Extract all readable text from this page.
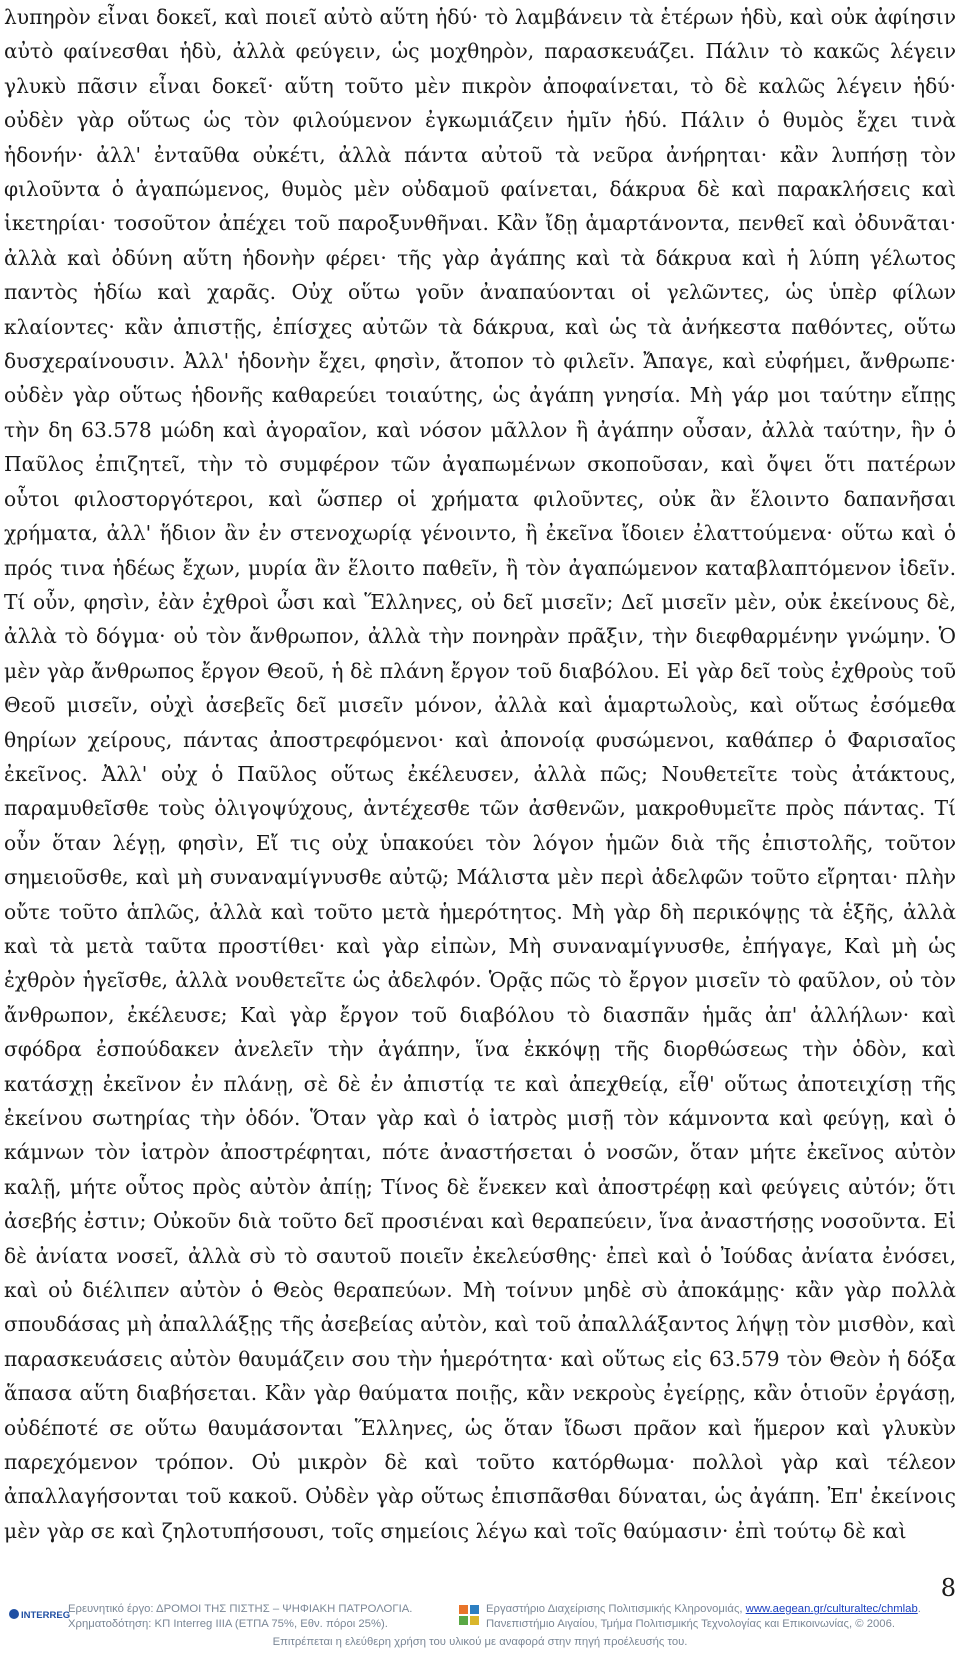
λυπηρὸν εἶναι δοκεῖ, καὶ ποιεῖ αὐτὸ αὕτη ἡδύ· τὸ λαμβάνειν τὰ ἑτέρων ἡδὺ, καὶ οὐκ ἀφίησιν αὐτὸ φαίνεσθαι ἡδὺ, ἀλλὰ φεύγειν, ὡς μοχθηρὸν, παρασκευάζει. Πάλιν τὸ κακῶς λέγειν γλυκὺ πᾶσιν εἶναι δοκεῖ· αὕτη τοῦτο μὲν πικρὸν ἀποφαίνεται, τὸ δὲ καλῶς λέγειν ἡδύ· οὐδὲν γὰρ οὕτως ὡς τὸν φιλούμενον ἐγκωμιάζειν ἡμῖν ἡδύ. Πάλιν ὁ θυμὸς ἔχει τινὰ ἡδονήν· ἀλλ' ἐνταῦθα οὐκέτι, ἀλλὰ πάντα αὐτοῦ τὰ νεῦρα ἀνήρηται· κἂν λυπήσῃ τὸν φιλοῦντα ὁ ἀγαπώμενος, θυμὸς μὲν οὐδαμοῦ φαίνεται, δάκρυα δὲ καὶ παρακλήσεις καὶ ἱκετηρίαι· τοσοῦτον ἀπέχει τοῦ παροξυνθῆναι. Κἂν ἴδῃ ἁμαρτάνοντα, πενθεῖ καὶ ὀδυνᾶται· ἀλλὰ καὶ ὀδύνη αὕτη ἡδονὴν φέρει· τῆς γὰρ ἀγάπης καὶ τὰ δάκρυα καὶ ἡ λύπη γέλωτος παντὸς ἡδίω καὶ χαρᾶς. Οὐχ οὕτω γοῦν ἀναπαύονται οἱ γελῶντες, ὡς ὑπὲρ φίλων κλαίοντες· κἂν ἀπιστῇς, ἐπίσχες αὐτῶν τὰ δάκρυα, καὶ ὡς τὰ ἀνήκεστα παθόντες, οὕτω δυσχεραίνουσιν. Ἀλλ' ἡδονὴν ἔχει, φησὶν, ἄτοπον τὸ φιλεῖν. Ἄπαγε, καὶ εὐφήμει, ἄνθρωπε· οὐδὲν γὰρ οὕτως ἡδονῆς καθαρεύει τοιαύτης, ὡς ἀγάπη γνησία. Μὴ γάρ μοι ταύτην εἴπῃς τὴν δη 63.578 μώδη καὶ ἀγοραῖον, καὶ νόσον μᾶλλον ἢ ἀγάπην οὖσαν, ἀλλὰ ταύτην, ἣν ὁ Παῦλος ἐπιζητεῖ, τὴν τὸ συμφέρον τῶν ἀγαπωμένων σκοποῦσαν, καὶ ὄψει ὅτι πατέρων οὗτοι φιλοστοργότεροι, καὶ ὥσπερ οἱ χρήματα φιλοῦντες, οὐκ ἂν ἕλοιντο δαπανῆσαι χρήματα, ἀλλ' ἥδιον ἂν ἐν στενοχωρίᾳ γένοιντο, ἢ ἐκεῖνα ἴδοιεν ἐλαττούμενα· οὕτω καὶ ὁ πρός τινα ἡδέως ἔχων, μυρία ἂν ἕλοιτο παθεῖν, ἢ τὸν ἀγαπώμενον καταβλαπτόμενον ἰδεῖν. Τί οὖν, φησὶν, ἐὰν ἐχθροὶ ὦσι καὶ Ἕλληνες, οὐ δεῖ μισεῖν; Δεῖ μισεῖν μὲν, οὐκ ἐκείνους δὲ, ἀλλὰ τὸ δόγμα· οὐ τὸν ἄνθρωπον, ἀλλὰ τὴν πονηρὰν πρᾶξιν, τὴν διεφθαρμένην γνώμην. Ὁ μὲν γὰρ ἄνθρωπος ἔργον Θεοῦ, ἡ δὲ πλάνη ἔργον τοῦ διαβόλου. Εἰ γὰρ δεῖ τοὺς ἐχθροὺς τοῦ Θεοῦ μισεῖν, οὐχὶ ἀσεβεῖς δεῖ μισεῖν μόνον, ἀλλὰ καὶ ἁμαρτωλοὺς, καὶ οὕτως ἐσόμεθα θηρίων χείρους, πάντας ἀποστρεφόμενοι· καὶ ἀπονοίᾳ φυσώμενοι, καθάπερ ὁ Φαρισαῖος ἐκεῖνος. Ἀλλ' οὐχ ὁ Παῦλος οὕτως ἐκέλευσεν, ἀλλὰ πῶς; Νουθετεῖτε τοὺς ἀτάκτους, παραμυθεῖσθε τοὺς ὀλιγοψύχους, ἀντέχεσθε τῶν ἀσθενῶν, μακροθυμεῖτε πρὸς πάντας. Τί οὖν ὅταν λέγῃ, φησὶν, Εἴ τις οὐχ ὑπακούει τὸν λόγον ἡμῶν διὰ τῆς ἐπιστολῆς, τοῦτον σημειοῦσθε, καὶ μὴ συναναμίγνυσθε αὐτῷ; Μάλιστα μὲν περὶ ἀδελφῶν τοῦτο εἴρηται· πλὴν οὔτε τοῦτο ἁπλῶς, ἀλλὰ καὶ τοῦτο μετὰ ἡμερότητος. Μὴ γὰρ δὴ περικόψῃς τὰ ἑξῆς, ἀλλὰ καὶ τὰ μετὰ ταῦτα προστίθει· καὶ γὰρ εἰπὼν, Μὴ συναναμίγνυσθε, ἐπήγαγε, Καὶ μὴ ὡς ἐχθρὸν ἡγεῖσθε, ἀλλὰ νουθετεῖτε ὡς ἀδελφόν. Ὁρᾷς πῶς τὸ ἔργον μισεῖν τὸ φαῦλον, οὐ τὸν ἄνθρωπον, ἐκέλευσε; Καὶ γὰρ ἔργον τοῦ διαβόλου τὸ διασπᾶν ἡμᾶς ἀπ' ἀλλήλων· καὶ σφόδρα ἐσπούδακεν ἀνελεῖν τὴν ἀγάπην, ἵνα ἐκκόψῃ τῆς διορθώσεως τὴν ὁδὸν, καὶ κατάσχῃ ἐκεῖνον ἐν πλάνῃ, σὲ δὲ ἐν ἀπιστίᾳ τε καὶ ἀπεχθείᾳ, εἶθ' οὕτως ἀποτειχίσῃ τῆς ἐκείνου σωτηρίας τὴν ὁδόν. Ὅταν γὰρ καὶ ὁ ἰατρὸς μισῇ τὸν κάμνοντα καὶ φεύγῃ, καὶ ὁ κάμνων τὸν ἰατρὸν ἀποστρέφηται, πότε ἀναστήσεται ὁ νοσῶν, ὅταν μήτε ἐκεῖνος αὐτὸν καλῇ, μήτε οὗτος πρὸς αὐτὸν ἀπίῃ; Τίνος δὲ ἕνεκεν καὶ ἀποστρέφῃ καὶ φεύγεις αὐτόν; ὅτι ἀσεβής ἐστιν; Οὐκοῦν διὰ τοῦτο δεῖ προσιέναι καὶ θεραπεύειν, ἵνα ἀναστήσῃς νοσοῦντα. Εἰ δὲ ἀνίατα νοσεῖ, ἀλλὰ σὺ τὸ σαυτοῦ ποιεῖν ἐκελεύσθης· ἐπεὶ καὶ ὁ Ἰούδας ἀνίατα ἐνόσει, καὶ οὐ διέλιπεν αὐτὸν ὁ Θεὸς θεραπεύων. Μὴ τοίνυν μηδὲ σὺ ἀποκάμῃς· κἂν γὰρ πολλὰ σπουδάσας μὴ ἀπαλλάξῃς τῆς ἀσεβείας αὐτὸν, καὶ τοῦ ἀπαλλάξαντος λήψῃ τὸν μισθὸν, καὶ παρασκευάσεις αὐτὸν θαυμάζειν σου τὴν ἡμερότητα· καὶ οὕτως εἰς 63.579 τὸν Θεὸν ἡ δόξα ἅπασα αὕτη διαβήσεται. Κἂν γὰρ θαύματα ποιῇς, κἂν νεκροὺς ἐγείρῃς, κἂν ὁτιοῦν ἐργάσῃ, οὐδέποτέ σε οὕτω θαυμάσονται Ἕλληνες, ὡς ὅταν ἴδωσι πρᾶον καὶ ἥμερον καὶ γλυκὺν παρεχόμενον τρόπον. Οὐ μικρὸν δὲ καὶ τοῦτο κατόρθωμα· πολλοὶ γὰρ καὶ τέλεον ἀπαλλαγήσονται τοῦ κακοῦ. Οὐδὲν γὰρ οὕτως ἐπισπᾶσθαι δύναται, ὡς ἀγάπη. Ἐπ' ἐκείνοις μὲν γὰρ σε καὶ ζηλοτυπήσουσι, τοῖς σημείοις λέγω καὶ τοῖς θαύμασιν· ἐπὶ τούτῳ δὲ καὶ

8
INTERREG
Ερευνητικό έργο: ΔΡΟΜΟΙ ΤΗΣ ΠΙΣΤΗΣ – ΨΗΦΙΑΚΗ ΠΑΤΡΟΛΟΓΙΑ.
Χρηματοδότηση: ΚΠ Interreg IIIA (ΕΤΠΑ 75%, Εθν. πόροι 25%).
Εργαστήριο Διαχείρισης Πολιτισμικής Κληρονομιάς, www.aegean.gr/culturaltec/chmlab.
Πανεπιστήμιο Αιγαίου, Τμήμα Πολιτισμικής Τεχνολογίας και Επικοινωνίας, © 2006.
Επιτρέπεται η ελεύθερη χρήση του υλικού με αναφορά στην πηγή προέλευσής του.
